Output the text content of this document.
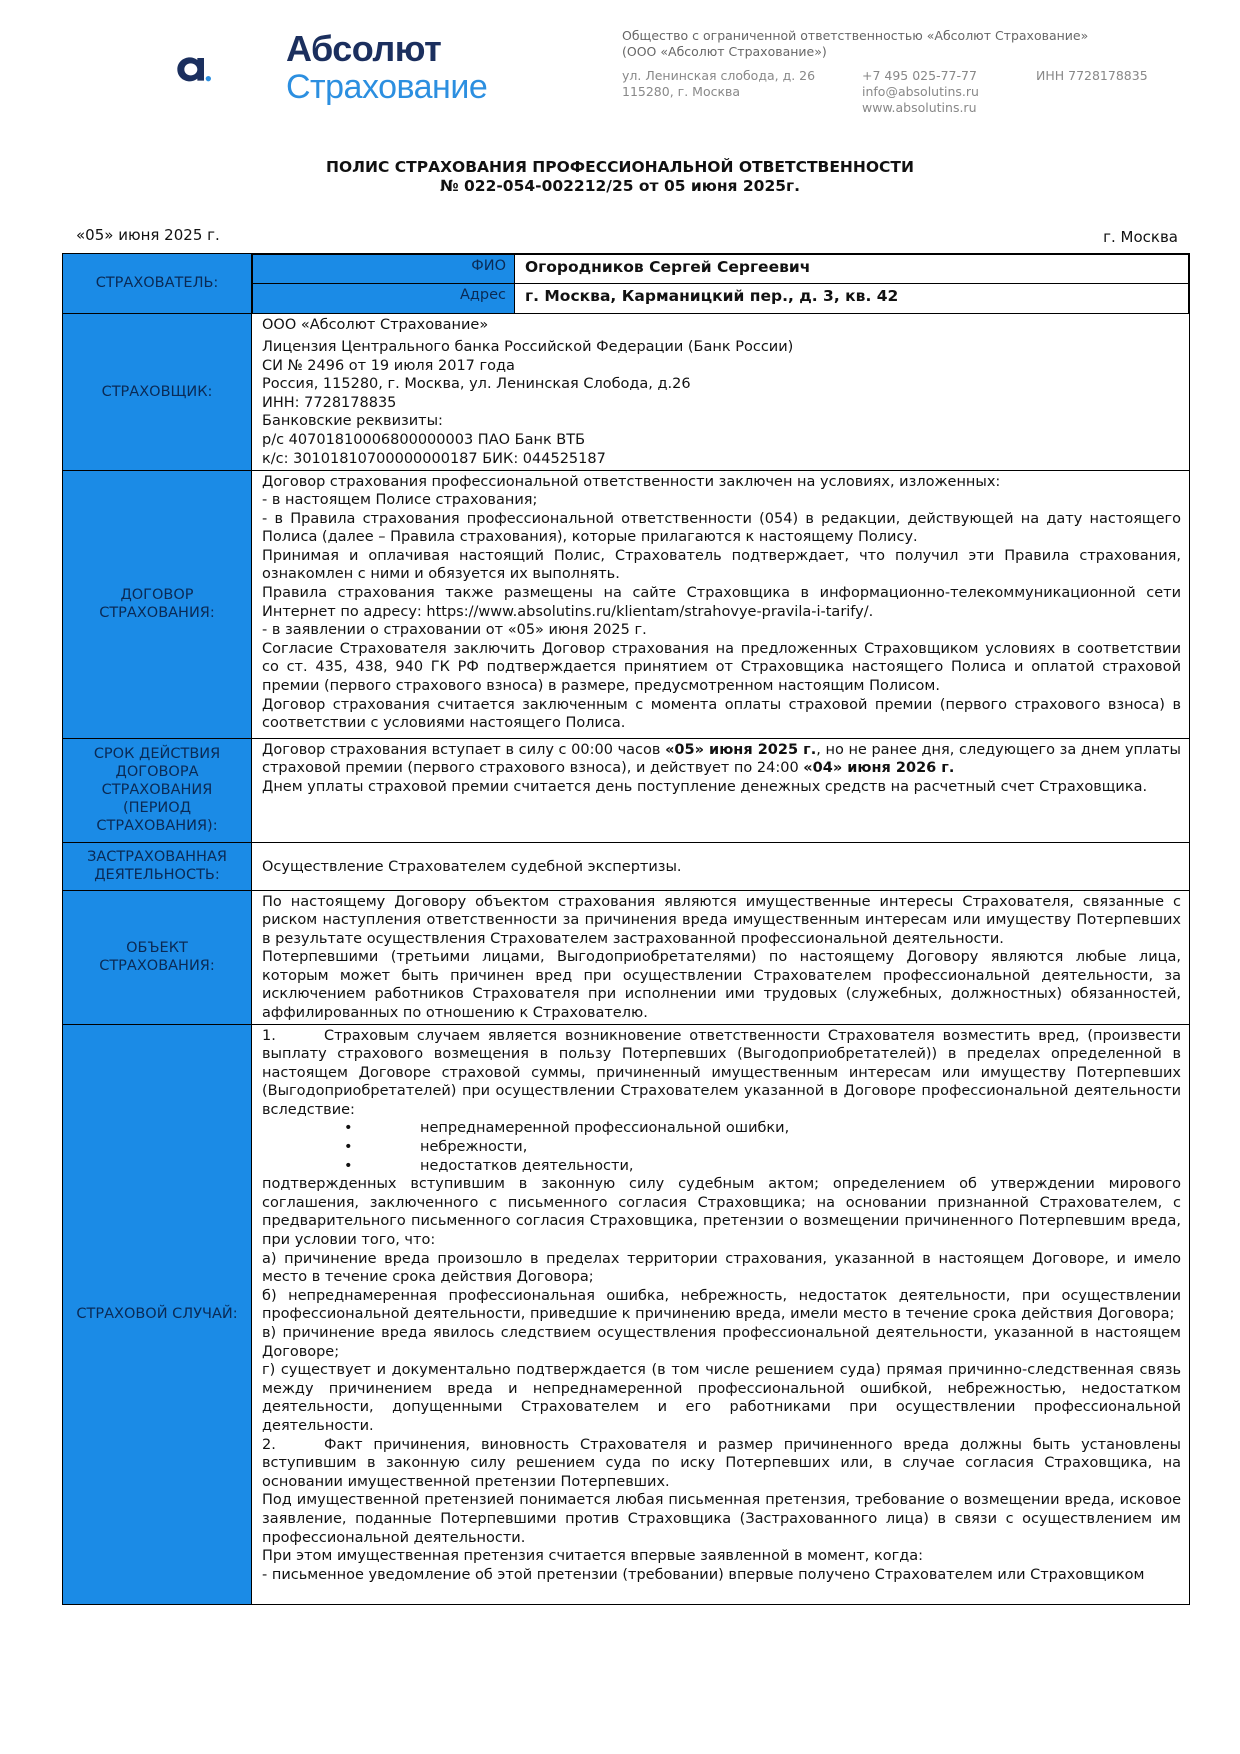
Абсолют
Страхование
Общество с ограниченной ответственностью «Абсолют Страхование»
(ООО «Абсолют Страхование»)
ул. Ленинская слобода, д. 26
115280, г. Москва
+7 495 025-77-77
info@absolutins.ru
www.absolutins.ru
ИНН 7728178835
ПОЛИС СТРАХОВАНИЯ ПРОФЕССИОНАЛЬНОЙ ОТВЕТСТВЕННОСТИ
№ 022-054-002212/25 от 05 июня 2025г.
«05» июня 2025 г.	г. Москва
СТРАХОВАТЕЛЬ:	
ФИО	Огородников Сергей Сергеевич
Адрес	г. Москва, Карманицкий пер., д. 3, кв. 42

СТРАХОВЩИК:	
ООО «Абсолют Страхование»
Лицензия Центрального банка Российской Федерации (Банк России)
СИ № 2496 от 19 июля 2017 года
Россия, 115280, г. Москва, ул. Ленинская Слобода, д.26
ИНН: 7728178835
Банковские реквизиты:
р/с 40701810006800000003 ПАО Банк ВТБ
к/с: 30101810700000000187 БИК: 044525187

ДОГОВОР СТРАХОВАНИЯ:	
Договор страхования профессиональной ответственности заключен на условиях, изложенных:
- в настоящем Полисе страхования;
- в Правила страхования профессиональной ответственности (054) в редакции, действующей на дату настоящего Полиса (далее – Правила страхования), которые прилагаются к настоящему Полису.
Принимая и оплачивая настоящий Полис, Страхователь подтверждает, что получил эти Правила страхования, ознакомлен с ними и обязуется их выполнять.
Правила страхования также размещены на сайте Страховщика в информационно-телекоммуникационной сети Интернет по адресу: https://www.absolutins.ru/klientam/strahovye-pravila-i-tarify/.
- в заявлении о страховании от «05» июня 2025 г.
Согласие Страхователя заключить Договор страхования на предложенных Страховщиком условиях в соответствии со ст. 435, 438, 940 ГК РФ подтверждается принятием от Страховщика настоящего Полиса и оплатой страховой премии (первого страхового взноса) в размере, предусмотренном настоящим Полисом.
Договор страхования считается заключенным с момента оплаты страховой премии (первого страхового взноса) в соответствии с условиями настоящего Полиса.

СРОК ДЕЙСТВИЯ ДОГОВОРА СТРАХОВАНИЯ (ПЕРИОД СТРАХОВАНИЯ):	
Договор страхования вступает в силу с 00:00 часов «05» июня 2025 г., но не ранее дня, следующего за днем уплаты страховой премии (первого страхового взноса), и действует по 24:00 «04» июня 2026 г.
Днем уплаты страховой премии считается день поступление денежных средств на расчетный счет Страховщика.

ЗАСТРАХОВАННАЯ ДЕЯТЕЛЬНОСТЬ:	Осуществление Страхователем судебной экспертизы.
ОБЪЕКТ СТРАХОВАНИЯ:	
По настоящему Договору объектом страхования являются имущественные интересы Страхователя, связанные с риском наступления ответственности за причинения вреда имущественным интересам или имуществу Потерпевших в результате осуществления Страхователем застрахованной профессиональной деятельности.
Потерпевшими (третьими лицами, Выгодоприобретателями) по настоящему Договору являются любые лица, которым может быть причинен вред при осуществлении Страхователем профессиональной деятельности, за исключением работников Страхователя при исполнении ими трудовых (служебных, должностных) обязанностей, аффилированных по отношению к Страхователю.

СТРАХОВОЙ СЛУЧАЙ:	
1.	Страховым случаем является возникновение ответственности Страхователя возместить вред, (произвести выплату страхового возмещения в пользу Потерпевших (Выгодоприобретателей)) в пределах определенной в настоящем Договоре страховой суммы, причиненный имущественным интересам или имуществу Потерпевших (Выгодоприобретателей) при осуществлении Страхователем указанной в Договоре профессиональной деятельности вследствие:
•	непреднамеренной профессиональной ошибки,
•	небрежности,
•	недостатков деятельности,
подтвержденных вступившим в законную силу судебным актом; определением об утверждении мирового соглашения, заключенного с письменного согласия Страховщика; на основании признанной Страхователем, с предварительного письменного согласия Страховщика, претензии о возмещении причиненного Потерпевшим вреда, при условии того, что:
а) причинение вреда произошло в пределах территории страхования, указанной в настоящем Договоре, и имело место в течение срока действия Договора;
б) непреднамеренная профессиональная ошибка, небрежность, недостаток деятельности, при осуществлении профессиональной деятельности, приведшие к причинению вреда, имели место в течение срока действия Договора;
в) причинение вреда явилось следствием осуществления профессиональной деятельности, указанной в настоящем Договоре;
г) существует и документально подтверждается (в том числе решением суда) прямая причинно-следственная связь между причинением вреда и непреднамеренной профессиональной ошибкой, небрежностью, недостатком деятельности, допущенными Страхователем и его работниками при осуществлении профессиональной деятельности.
2.	Факт причинения, виновность Страхователя и размер причиненного вреда должны быть установлены вступившим в законную силу решением суда по иску Потерпевших или, в случае согласия Страховщика, на основании имущественной претензии Потерпевших.
Под имущественной претензией понимается любая письменная претензия, требование о возмещении вреда, исковое заявление, поданные Потерпевшими против Страховщика (Застрахованного лица) в связи с осуществлением им профессиональной деятельности.
При этом имущественная претензия считается впервые заявленной в момент, когда:
- письменное уведомление об этой претензии (требовании) впервые получено Страхователем или Страховщиком
